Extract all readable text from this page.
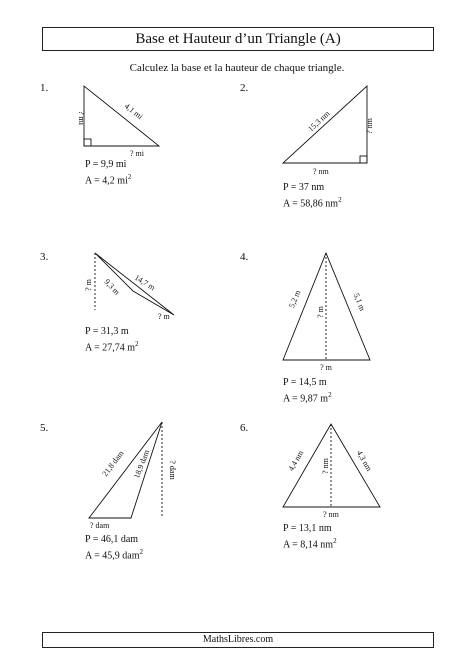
Base et Hauteur d’un Triangle (A)
Calculez la base et la hauteur de chaque triangle.
1.	2.
3.	4.
5.	6.
4,1 mi
? mi
? mi
15,3 nm	? nm
? nm
14,7 m
9,3 m
? m
? m
5,2 m	5,1 m
? m
? m
21,8 dam 18,9 dam ? dam
? dam
4,4 nm	4,3 nm
? nm
? nm
P = 9,9 mi
A = 4,2 $mi^2$
P = 37 nm
A = 58,86 $nm^2$
P = 31,3 m
A = 27,74 $m^2$
P = 14,5 m
A = 9,87 $m^2$
P = 46,1 dam
A = 45,9 dam$^2$
P = 13,1 nm
A = 8,14 $nm^2$
MathsLibres.com
